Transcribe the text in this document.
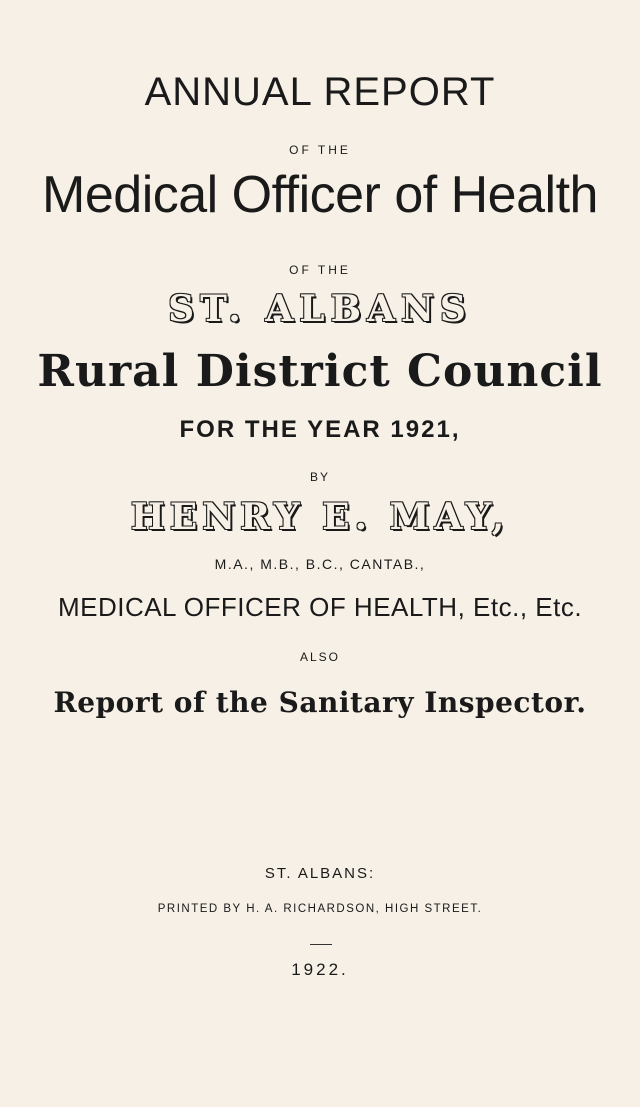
ANNUAL REPORT
OF THE
Medical Officer of Health
OF THE
ST. ALBANS
Rural District Council
FOR THE YEAR 1921,
BY
HENRY E. MAY,
M.A., M.B., B.C., CANTAB.,
MEDICAL OFFICER OF HEALTH, Etc., Etc.
ALSO
Report of the Sanitary Inspector.
ST. ALBANS:
PRINTED BY H. A. RICHARDSON, HIGH STREET.
1922.
